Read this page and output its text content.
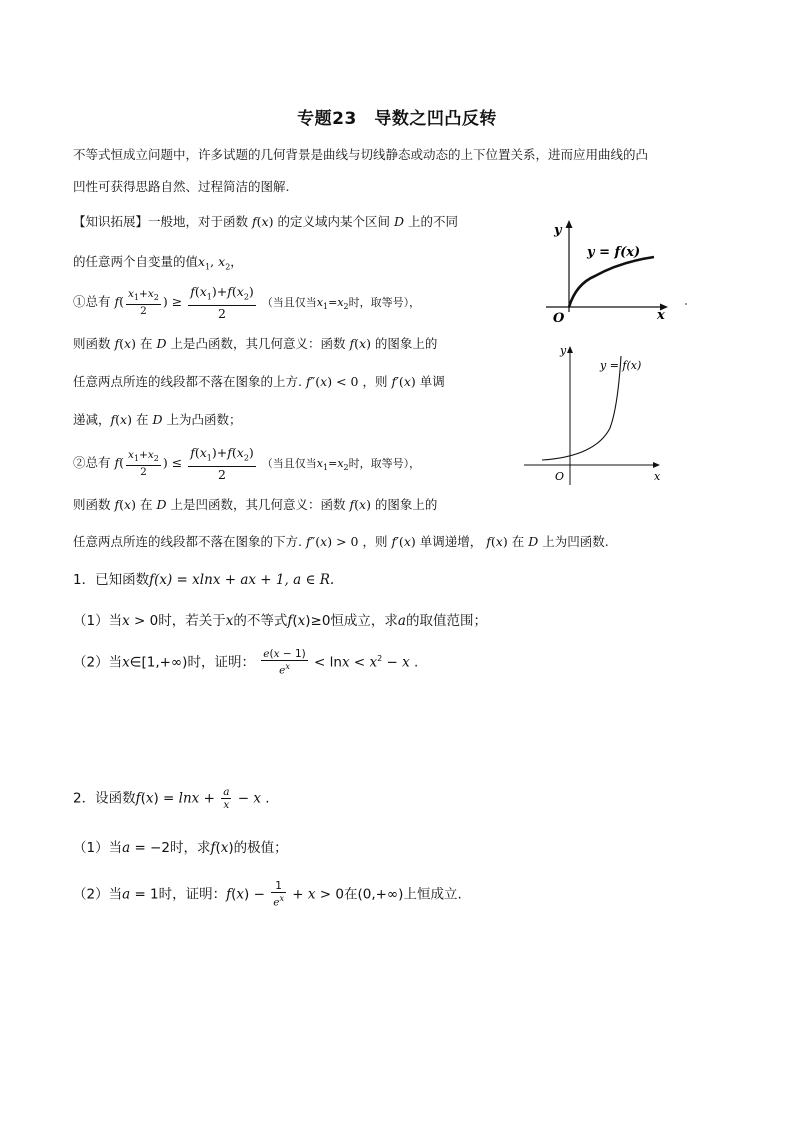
专题23　导数之凹凸反转
不等式恒成立问题中，许多试题的几何背景是曲线与切线静态或动态的上下位置关系，进而应用曲线的凸
凹性可获得思路自然、过程简洁的图解.
【知识拓展】一般地，对于函数 f(x) 的定义域内某个区间 D 上的不同
的任意两个自变量的值$x_1$, $x_2$，
①总有 $f( \frac{x_1+x_2}{2}$ ) ≥ $\frac{f(x_1)+f(x_2)}{2}$ （当且仅当$x_1=x_2$时，取等号），
则函数 f(x) 在 D 上是凸函数，其几何意义：函数 f(x) 的图象上的
任意两点所连的线段都不落在图象的上方. f″(x) < 0 ，则 f′(x) 单调
递减，f(x) 在 D 上为凸函数；
②总有 $f( \frac{x_1+x_2}{2}$ ) ≤ $\frac{f(x_1)+f(x_2)}{2}$ （当且仅当$x_1=x_2$时，取等号），
则函数 f(x) 在 D 上是凹函数，其几何意义：函数 f(x) 的图象上的
任意两点所连的线段都不落在图象的下方. f″(x) > 0 ，则 f′(x) 单调递增， f(x) 在 D 上为凹函数.
1．已知函数f(x) = xlnx + ax + 1, a ∈ R.
（1）当x > 0时，若关于x的不等式f(x)≥0恒成立，求a的取值范围；
（2）当x∈[1,+∞)时，证明： $\frac{e(x - 1)}{e^x} < \ln x < x^2 - x$ .
2．设函数$f(x) = \ln x + \frac{a}{x} - x$ .
（1）当a = −2时，求f(x)的极值；
（2）当a = 1时，证明：$f(x) - \frac{1}{e^x} + x > 0$在(0,+∞)上恒成立.
y
y = f(x)
O	x
y
y = f(x)
O	x
